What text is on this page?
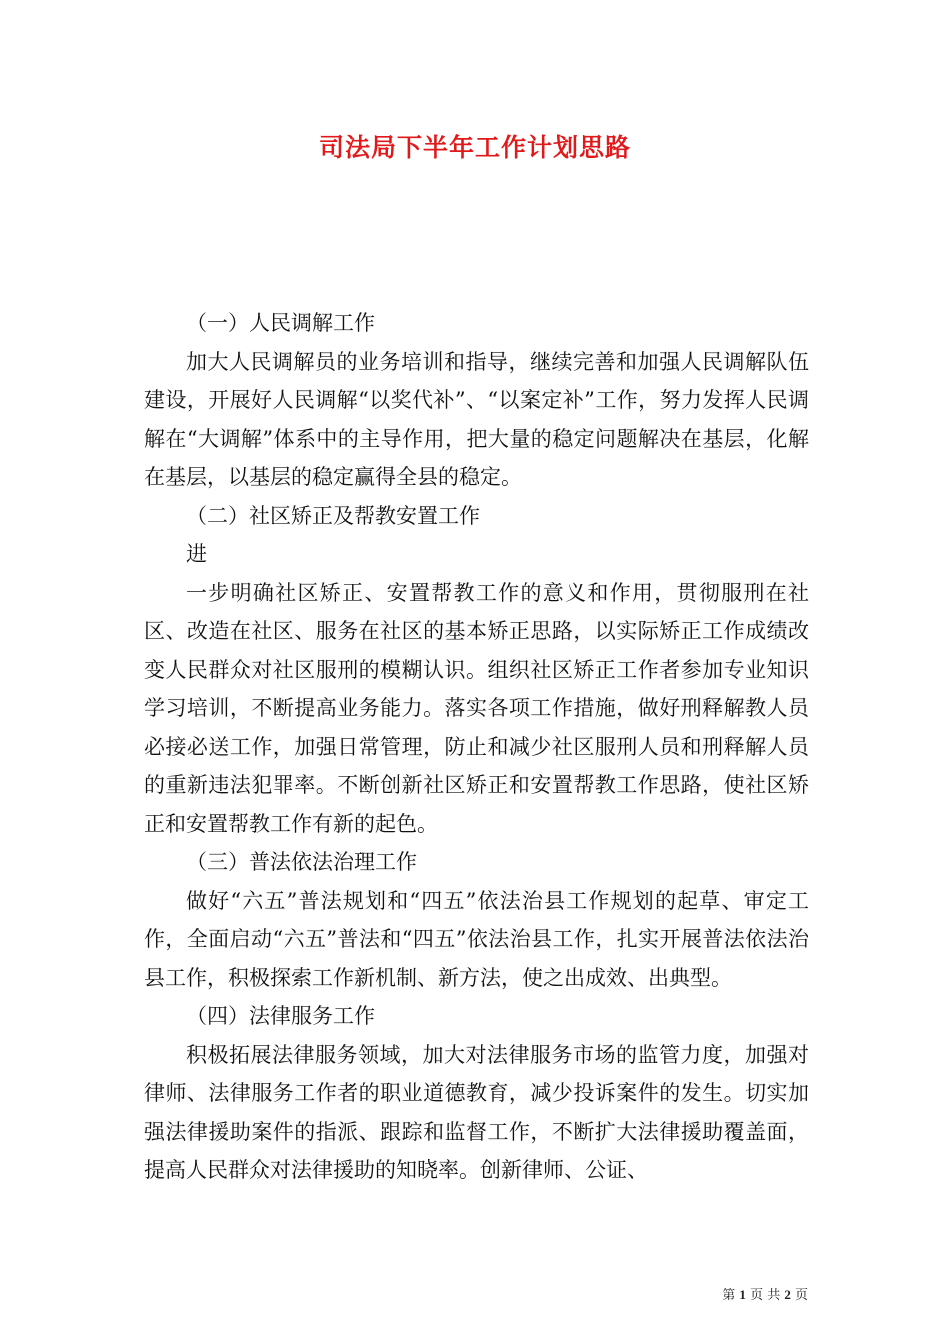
司法局下半年工作计划思路

（一）人民调解工作

加大人民调解员的业务培训和指导，继续完善和加强人民调解队伍建设，开展好人民调解“以奖代补”、“以案定补”工作，努力发挥人民调解在“大调解”体系中的主导作用，把大量的稳定问题解决在基层，化解在基层，以基层的稳定赢得全县的稳定。

（二）社区矫正及帮教安置工作

进

一步明确社区矫正、安置帮教工作的意义和作用，贯彻服刑在社区、改造在社区、服务在社区的基本矫正思路，以实际矫正工作成绩改变人民群众对社区服刑的模糊认识。组织社区矫正工作者参加专业知识学习培训，不断提高业务能力。落实各项工作措施，做好刑释解教人员必接必送工作，加强日常管理，防止和减少社区服刑人员和刑释解人员的重新违法犯罪率。不断创新社区矫正和安置帮教工作思路，使社区矫正和安置帮教工作有新的起色。

（三）普法依法治理工作

做好“六五”普法规划和“四五”依法治县工作规划的起草、审定工作，全面启动“六五”普法和“四五”依法治县工作，扎实开展普法依法治县工作，积极探索工作新机制、新方法，使之出成效、出典型。

（四）法律服务工作

积极拓展法律服务领域，加大对法律服务市场的监管力度，加强对律师、法律服务工作者的职业道德教育，减少投诉案件的发生。切实加强法律援助案件的指派、跟踪和监督工作，不断扩大法律援助覆盖面，提高人民群众对法律援助的知晓率。创新律师、公证、

第 1 页 共 2 页
